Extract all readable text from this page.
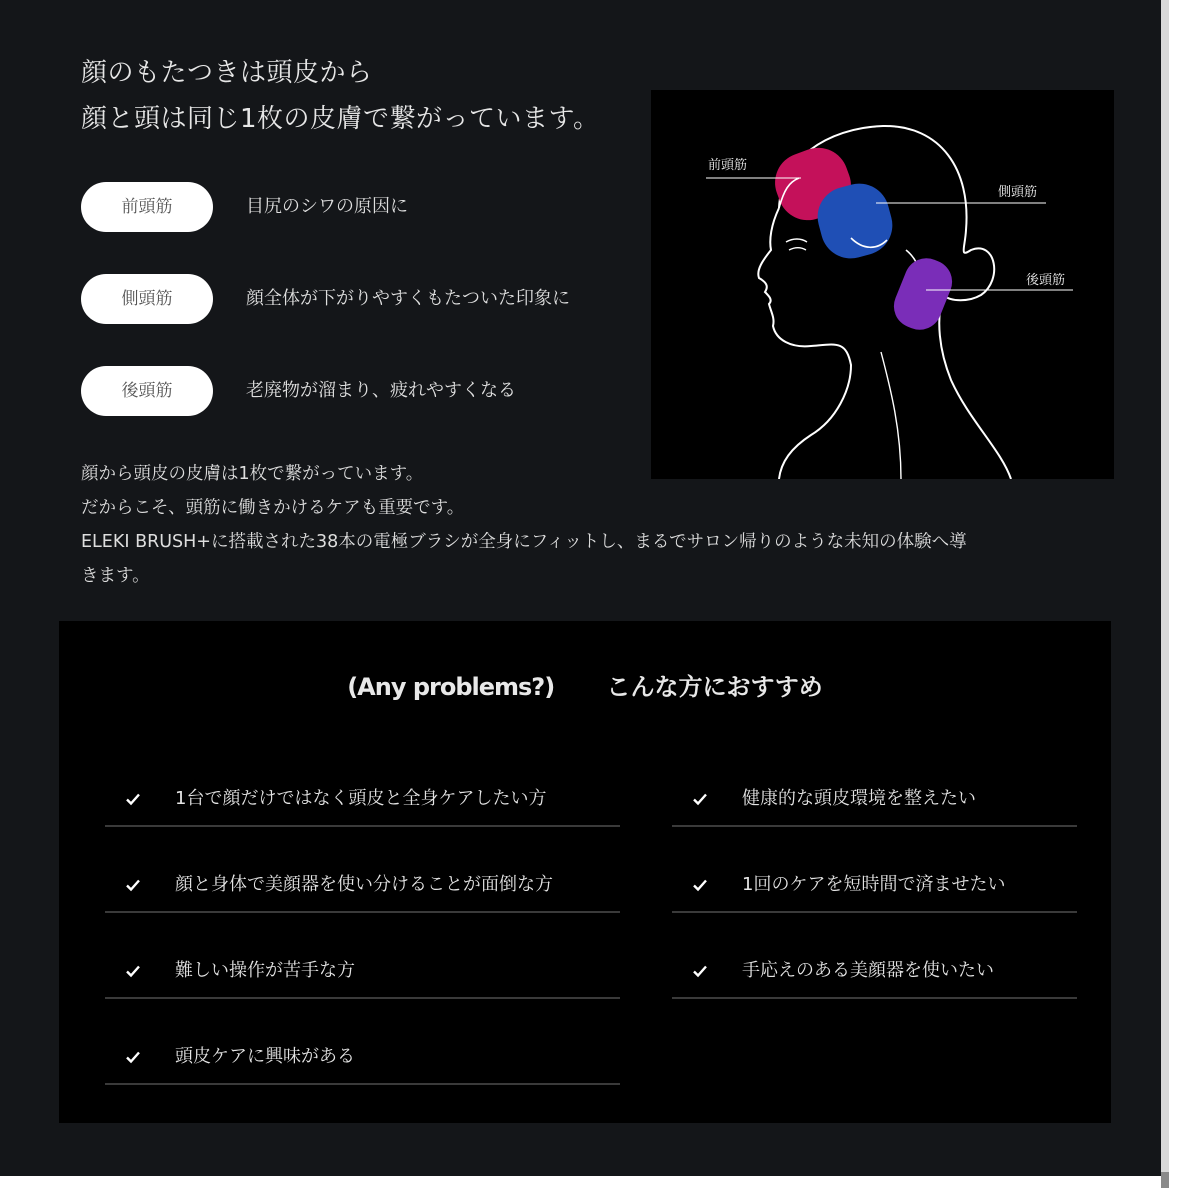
顔のもたつきは頭皮から
顔と頭は同じ1枚の皮膚で繋がっています。
前頭筋	目尻のシワの原因に
側頭筋	顔全体が下がりやすくもたついた印象に
後頭筋	老廃物が溜まり、疲れやすくなる
前頭筋
側頭筋
後頭筋
顔から頭皮の皮膚は1枚で繋がっています。
だからこそ、頭筋に働きかけるケアも重要です。
ELEKI BRUSH+に搭載された38本の電極ブラシが全身にフィットし、まるでサロン帰りのような未知の体験へ導
きます。
(Any problems?) こんな方におすすめ
1台で顔だけではなく頭皮と全身ケアしたい方
顔と身体で美顔器を使い分けることが面倒な方
難しい操作が苦手な方
頭皮ケアに興味がある
健康的な頭皮環境を整えたい
1回のケアを短時間で済ませたい
手応えのある美顔器を使いたい
